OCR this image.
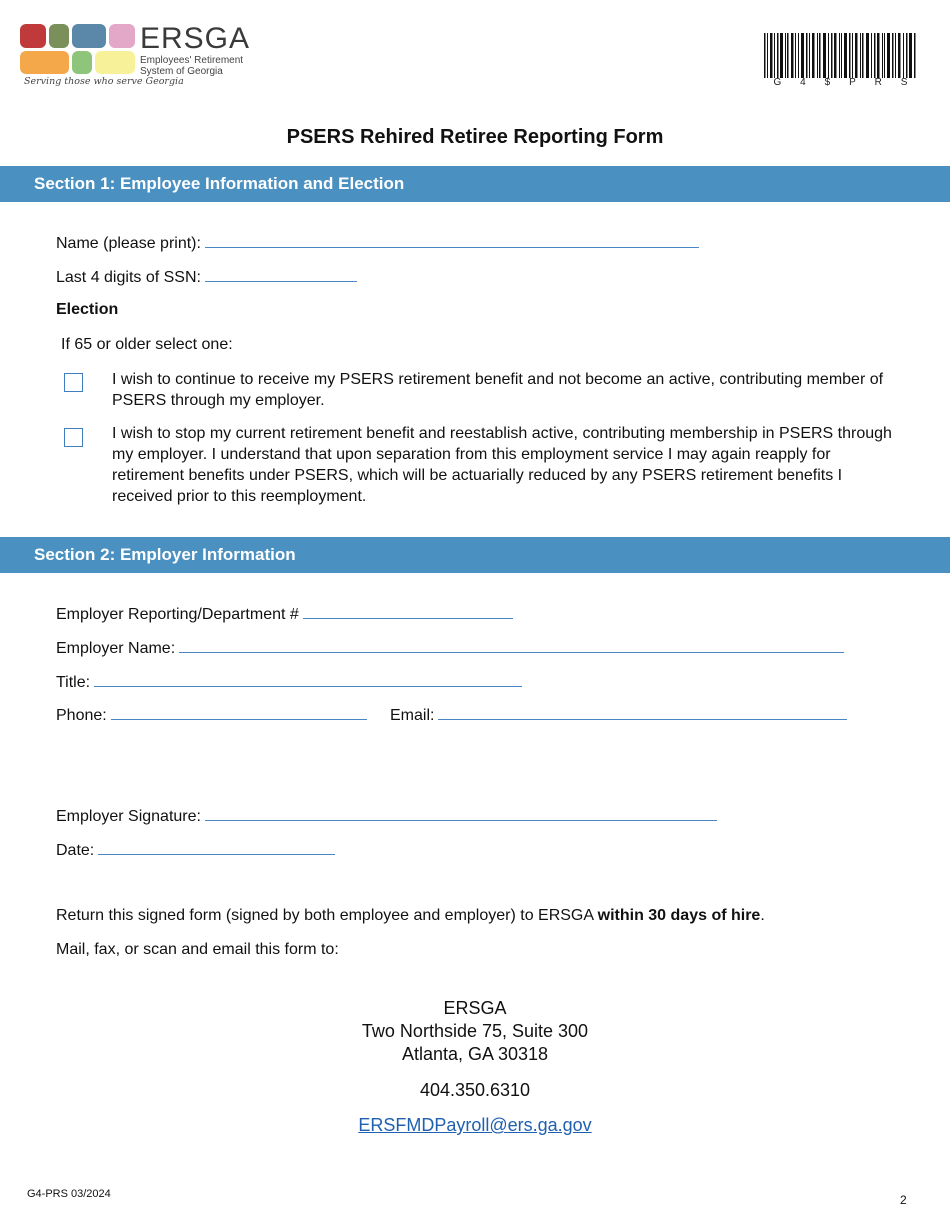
ERSGA
Employees' Retirement System of Georgia
Serving those who serve Georgia	G 4 $ P R S
PSERS Rehired Retiree Reporting Form
Section 1: Employee Information and Election
Name (please print):
Last 4 digits of SSN:
Election
If 65 or older select one:
I wish to continue to receive my PSERS retirement benefit and not become an active, contributing member of PSERS through my employer.
I wish to stop my current retirement benefit and reestablish active, contributing membership in PSERS through my employer. I understand that upon separation from this employment service I may again reapply for retirement benefits under PSERS, which will be actuarially reduced by any PSERS retirement benefits I received prior to this reemployment.
Section 2: Employer Information
Employer Reporting/Department #
Employer Name:
Title:
Phone:	Email:
Employer Signature:
Date:
Return this signed form (signed by both employee and employer) to ERSGA within 30 days of hire.
Mail, fax, or scan and email this form to:
ERSGA
Two Northside 75, Suite 300
Atlanta, GA 30318
404.350.6310
ERSFMDPayroll@ers.ga.gov
G4-PRS 03/2024	2
